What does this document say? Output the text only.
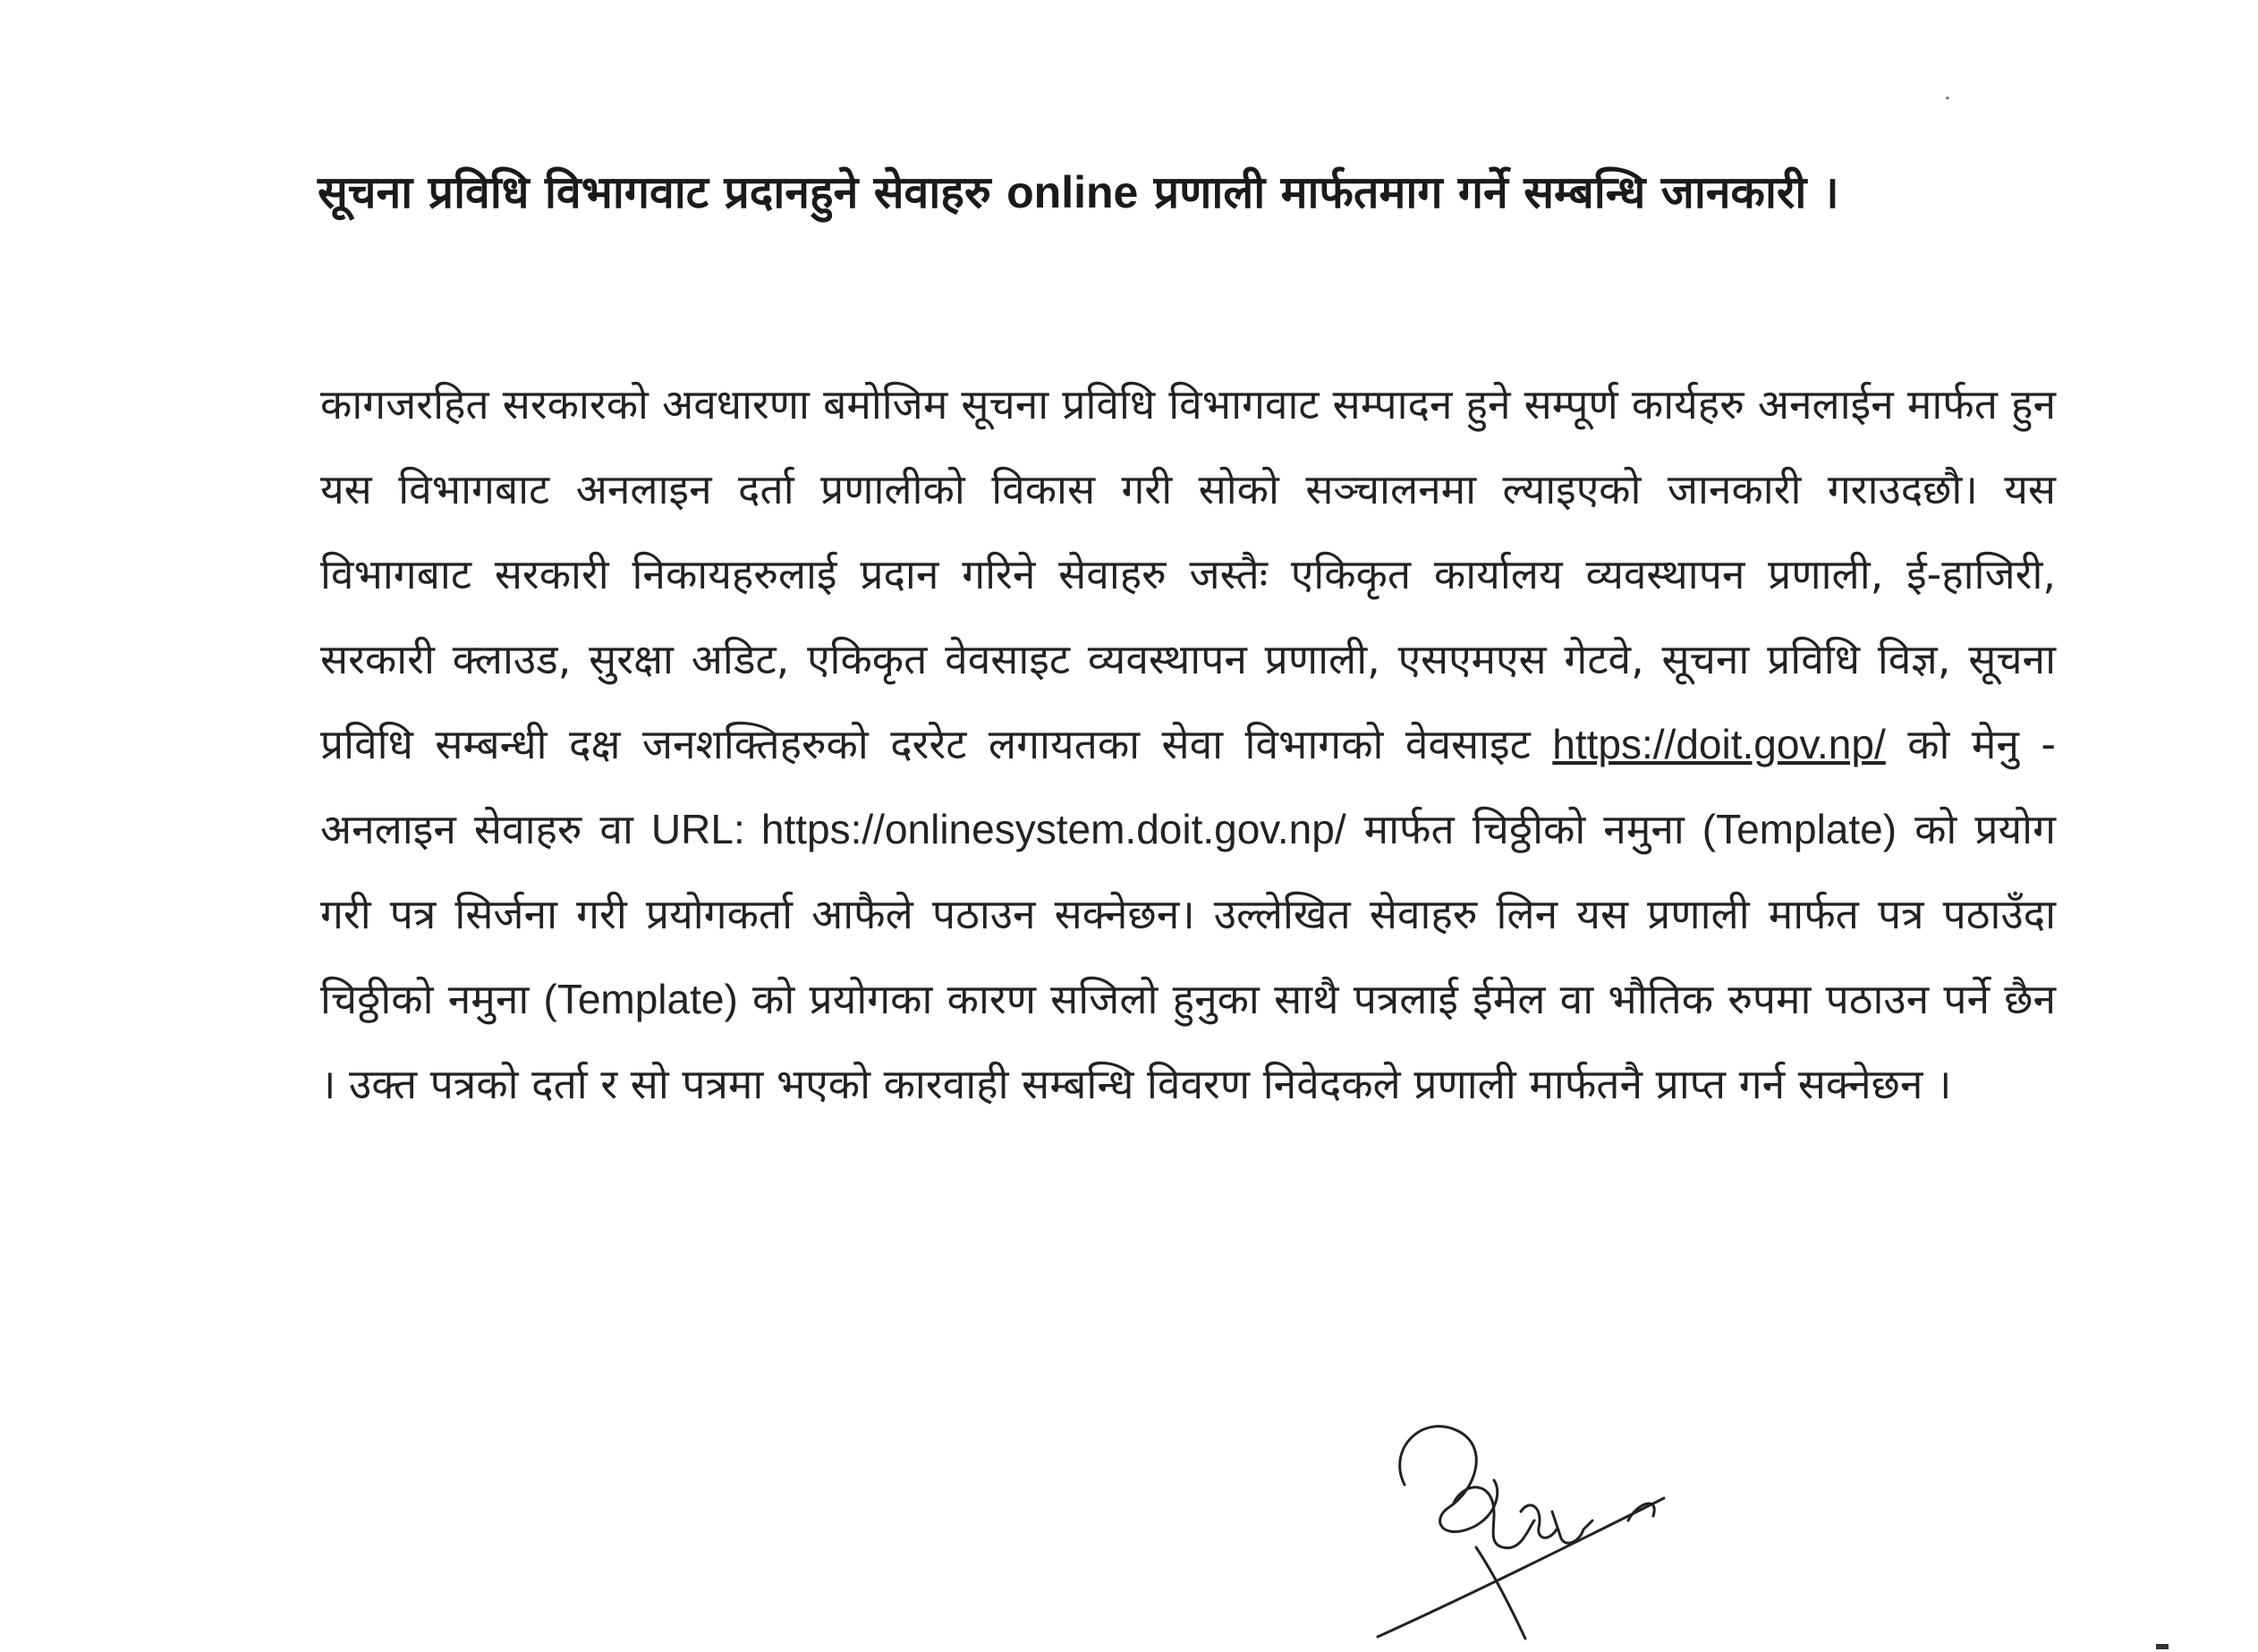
सूचना प्रविधि विभागवाट प्रदानहुने सेवाहरु online प्रणाली मार्फतमाग गर्ने सम्बन्धि जानकारी ।

कागजरहित सरकारको अवधारणा बमोजिम सूचना प्रविधि विभागवाट सम्पादन हुने सम्पूर्ण कार्यहरु अनलाईन मार्फत हुन यस विभागबाट अनलाइन दर्ता प्रणालीको विकास गरी सोको सञ्चालनमा ल्याइएको जानकारी गराउदछौ। यस विभागबाट सरकारी निकायहरुलाई प्रदान गरिने सेवाहरु जस्तैः एकिकृत कार्यालय व्यवस्थापन प्रणाली, ई-हाजिरी, सरकारी क्लाउड, सुरक्षा अडिट, एकिकृत वेवसाइट व्यवस्थापन प्रणाली, एसएमएस गेटवे, सूचना प्रविधि विज्ञ, सूचना प्रविधि सम्बन्धी दक्ष जनशक्तिहरुको दररेट लगायतका सेवा विभागको वेवसाइट https://doit.gov.np/ को मेनु - अनलाइन सेवाहरु वा URL: https://onlinesystem.doit.gov.np/ मार्फत चिठ्ठीको नमुना (Template) को प्रयोग गरी पत्र सिर्जना गरी प्रयोगकर्ता आफैले पठाउन सक्नेछन। उल्लेखित सेवाहरु लिन यस प्रणाली मार्फत पत्र पठाउँदा चिठ्ठीको नमुना (Template) को प्रयोगका कारण सजिलो हुनुका साथै पत्रलाई ईमेल वा भौतिक रुपमा पठाउन पर्ने छैन । उक्त पत्रको दर्ता र सो पत्रमा भएको कारवाही सम्बन्धि विवरण निवेदकले प्रणाली मार्फतनै प्राप्त गर्न सक्नेछन ।
